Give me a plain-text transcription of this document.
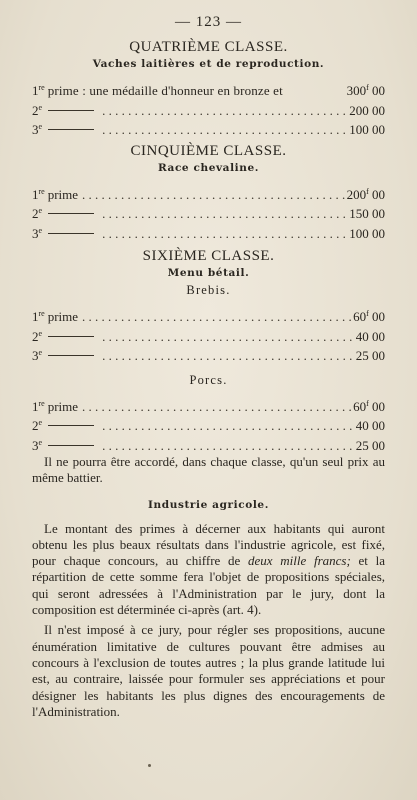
— 123 —
QUATRIÈME CLASSE.
Vaches laitières et de reproduction.
1re prime : une médaille d'honneur en bronze et	300$^f$ 00
2e . . .	200 00
3e . . .	100 00
CINQUIÈME CLASSE.
Race chevaline.
1re prime . . .	200$^f$ 00
2e . . .	150 00
3e . . .	100 00
SIXIÈME CLASSE.
Menu bétail.
Brebis.
1re prime . . .	60$^f$ 00
2e . . .	40 00
3e . . .	25 00
Porcs.
1re prime . . .	60$^f$ 00
2e . . .	40 00
3e . . .	25 00

Il ne pourra être accordé, dans chaque classe, qu'un seul prix au même battier.

Industrie agricole.

Le montant des primes à décerner aux habitants qui auront obtenu les plus beaux résultats dans l'industrie agricole, est fixé, pour chaque concours, au chiffre de deux mille francs; et la répartition de cette somme fera l'objet de propositions spéciales, qui seront adressées à l'Administration par le jury, dont la composition est déterminée ci-après (art. 4).

Il n'est imposé à ce jury, pour régler ses propositions, aucune énumération limitative de cultures pouvant être admises au concours à l'exclusion de toutes autres ; la plus grande latitude lui est, au contraire, laissée pour formuler ses appréciations et pour désigner les habitants les plus dignes des encouragements de l'Administration.
